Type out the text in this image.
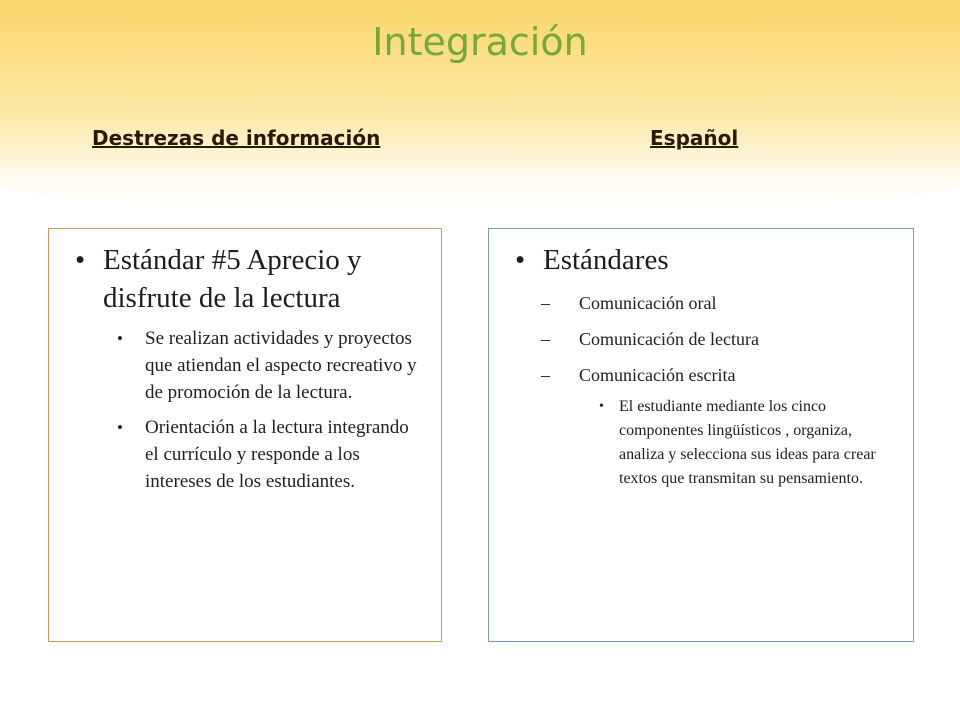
Integración
Destrezas de información	Español
• Estándar #5 Aprecio y disfrute de la lectura
• Se realizan actividades y proyectos que atiendan el aspecto recreativo y de promoción de la lectura.
• Orientación a la lectura integrando el currículo y responde a los intereses de los estudiantes.
• Estándares
– Comunicación oral
– Comunicación de lectura
– Comunicación escrita
• El estudiante mediante los cinco componentes lingüísticos , organiza, analiza y selecciona sus ideas para crear textos que transmitan su pensamiento.
